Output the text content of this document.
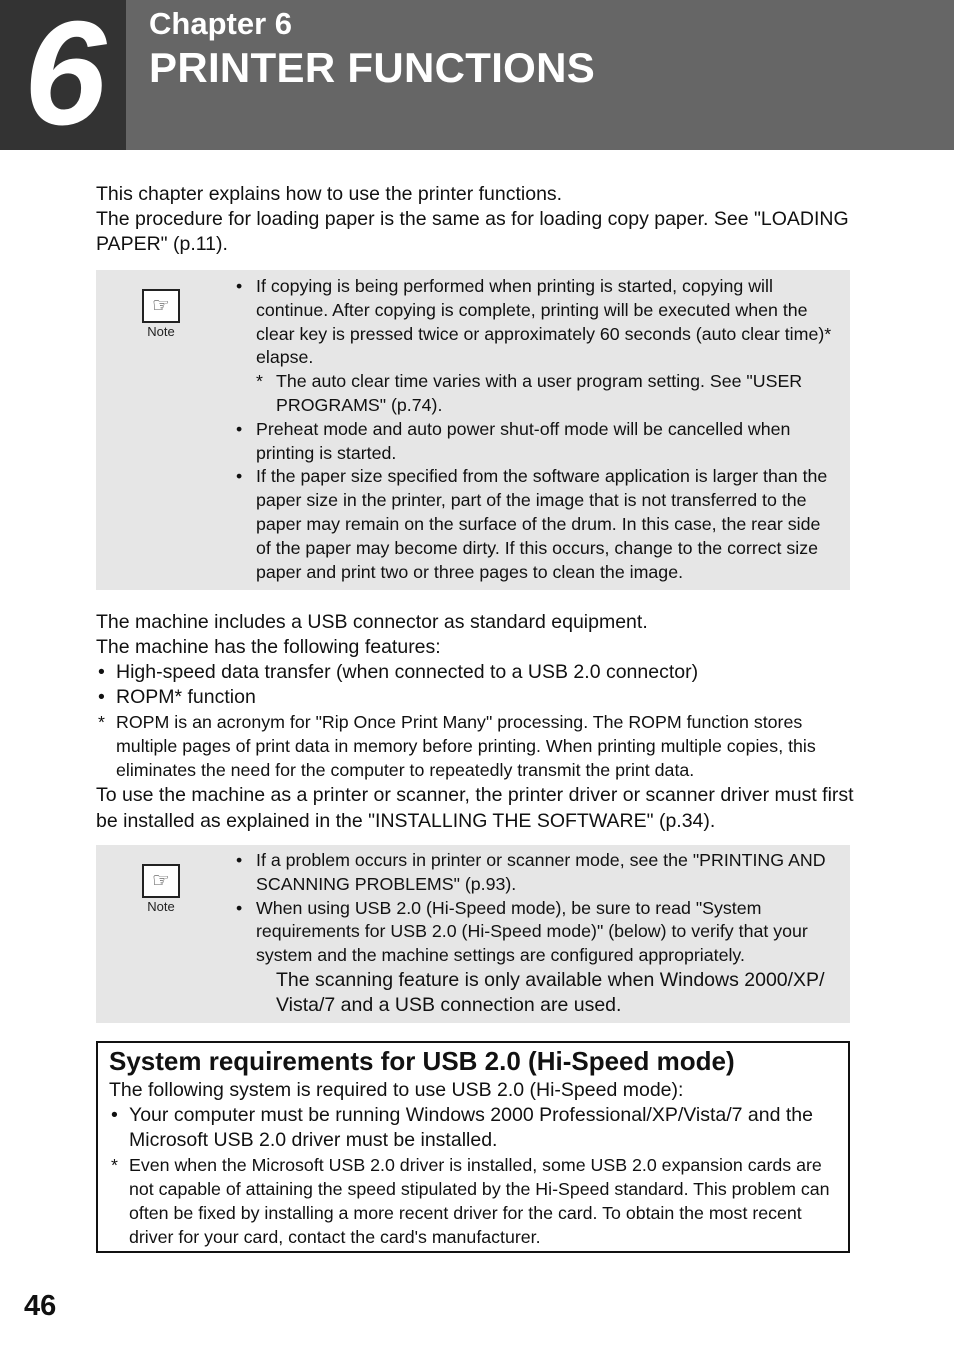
6	Chapter 6
PRINTER FUNCTIONS

This chapter explains how to use the printer functions.

The procedure for loading paper is the same as for loading copy paper. See "LOADING PAPER" (p.11).

☞
Note

• If copying is being performed when printing is started, copying will continue. After copying is complete, printing will be executed when the clear key is pressed twice or approximately 60 seconds (auto clear time)* elapse.

* The auto clear time varies with a user program setting. See "USER PROGRAMS" (p.74).

• Preheat mode and auto power shut-off mode will be cancelled when printing is started.

• If the paper size specified from the software application is larger than the paper size in the printer, part of the image that is not transferred to the paper may remain on the surface of the drum. In this case, the rear side of the paper may become dirty. If this occurs, change to the correct size paper and print two or three pages to clean the image.

The machine includes a USB connector as standard equipment.

The machine has the following features:

• High-speed data transfer (when connected to a USB 2.0 connector)

• ROPM* function

* ROPM is an acronym for "Rip Once Print Many" processing. The ROPM function stores multiple pages of print data in memory before printing. When printing multiple copies, this eliminates the need for the computer to repeatedly transmit the print data.

To use the machine as a printer or scanner, the printer driver or scanner driver must first be installed as explained in the "INSTALLING THE SOFTWARE" (p.34).

☞
Note

• If a problem occurs in printer or scanner mode, see the "PRINTING AND SCANNING PROBLEMS" (p.93).

• When using USB 2.0 (Hi-Speed mode), be sure to read "System requirements for USB 2.0 (Hi-Speed mode)" (below) to verify that your system and the machine settings are configured appropriately.

The scanning feature is only available when Windows 2000/XP/ Vista/7 and a USB connection are used.

System requirements for USB 2.0 (Hi-Speed mode)

The following system is required to use USB 2.0 (Hi-Speed mode):

• Your computer must be running Windows 2000 Professional/XP/Vista/7 and the Microsoft USB 2.0 driver must be installed.

* Even when the Microsoft USB 2.0 driver is installed, some USB 2.0 expansion cards are not capable of attaining the speed stipulated by the Hi-Speed standard. This problem can often be fixed by installing a more recent driver for the card. To obtain the most recent driver for your card, contact the card's manufacturer.

46
